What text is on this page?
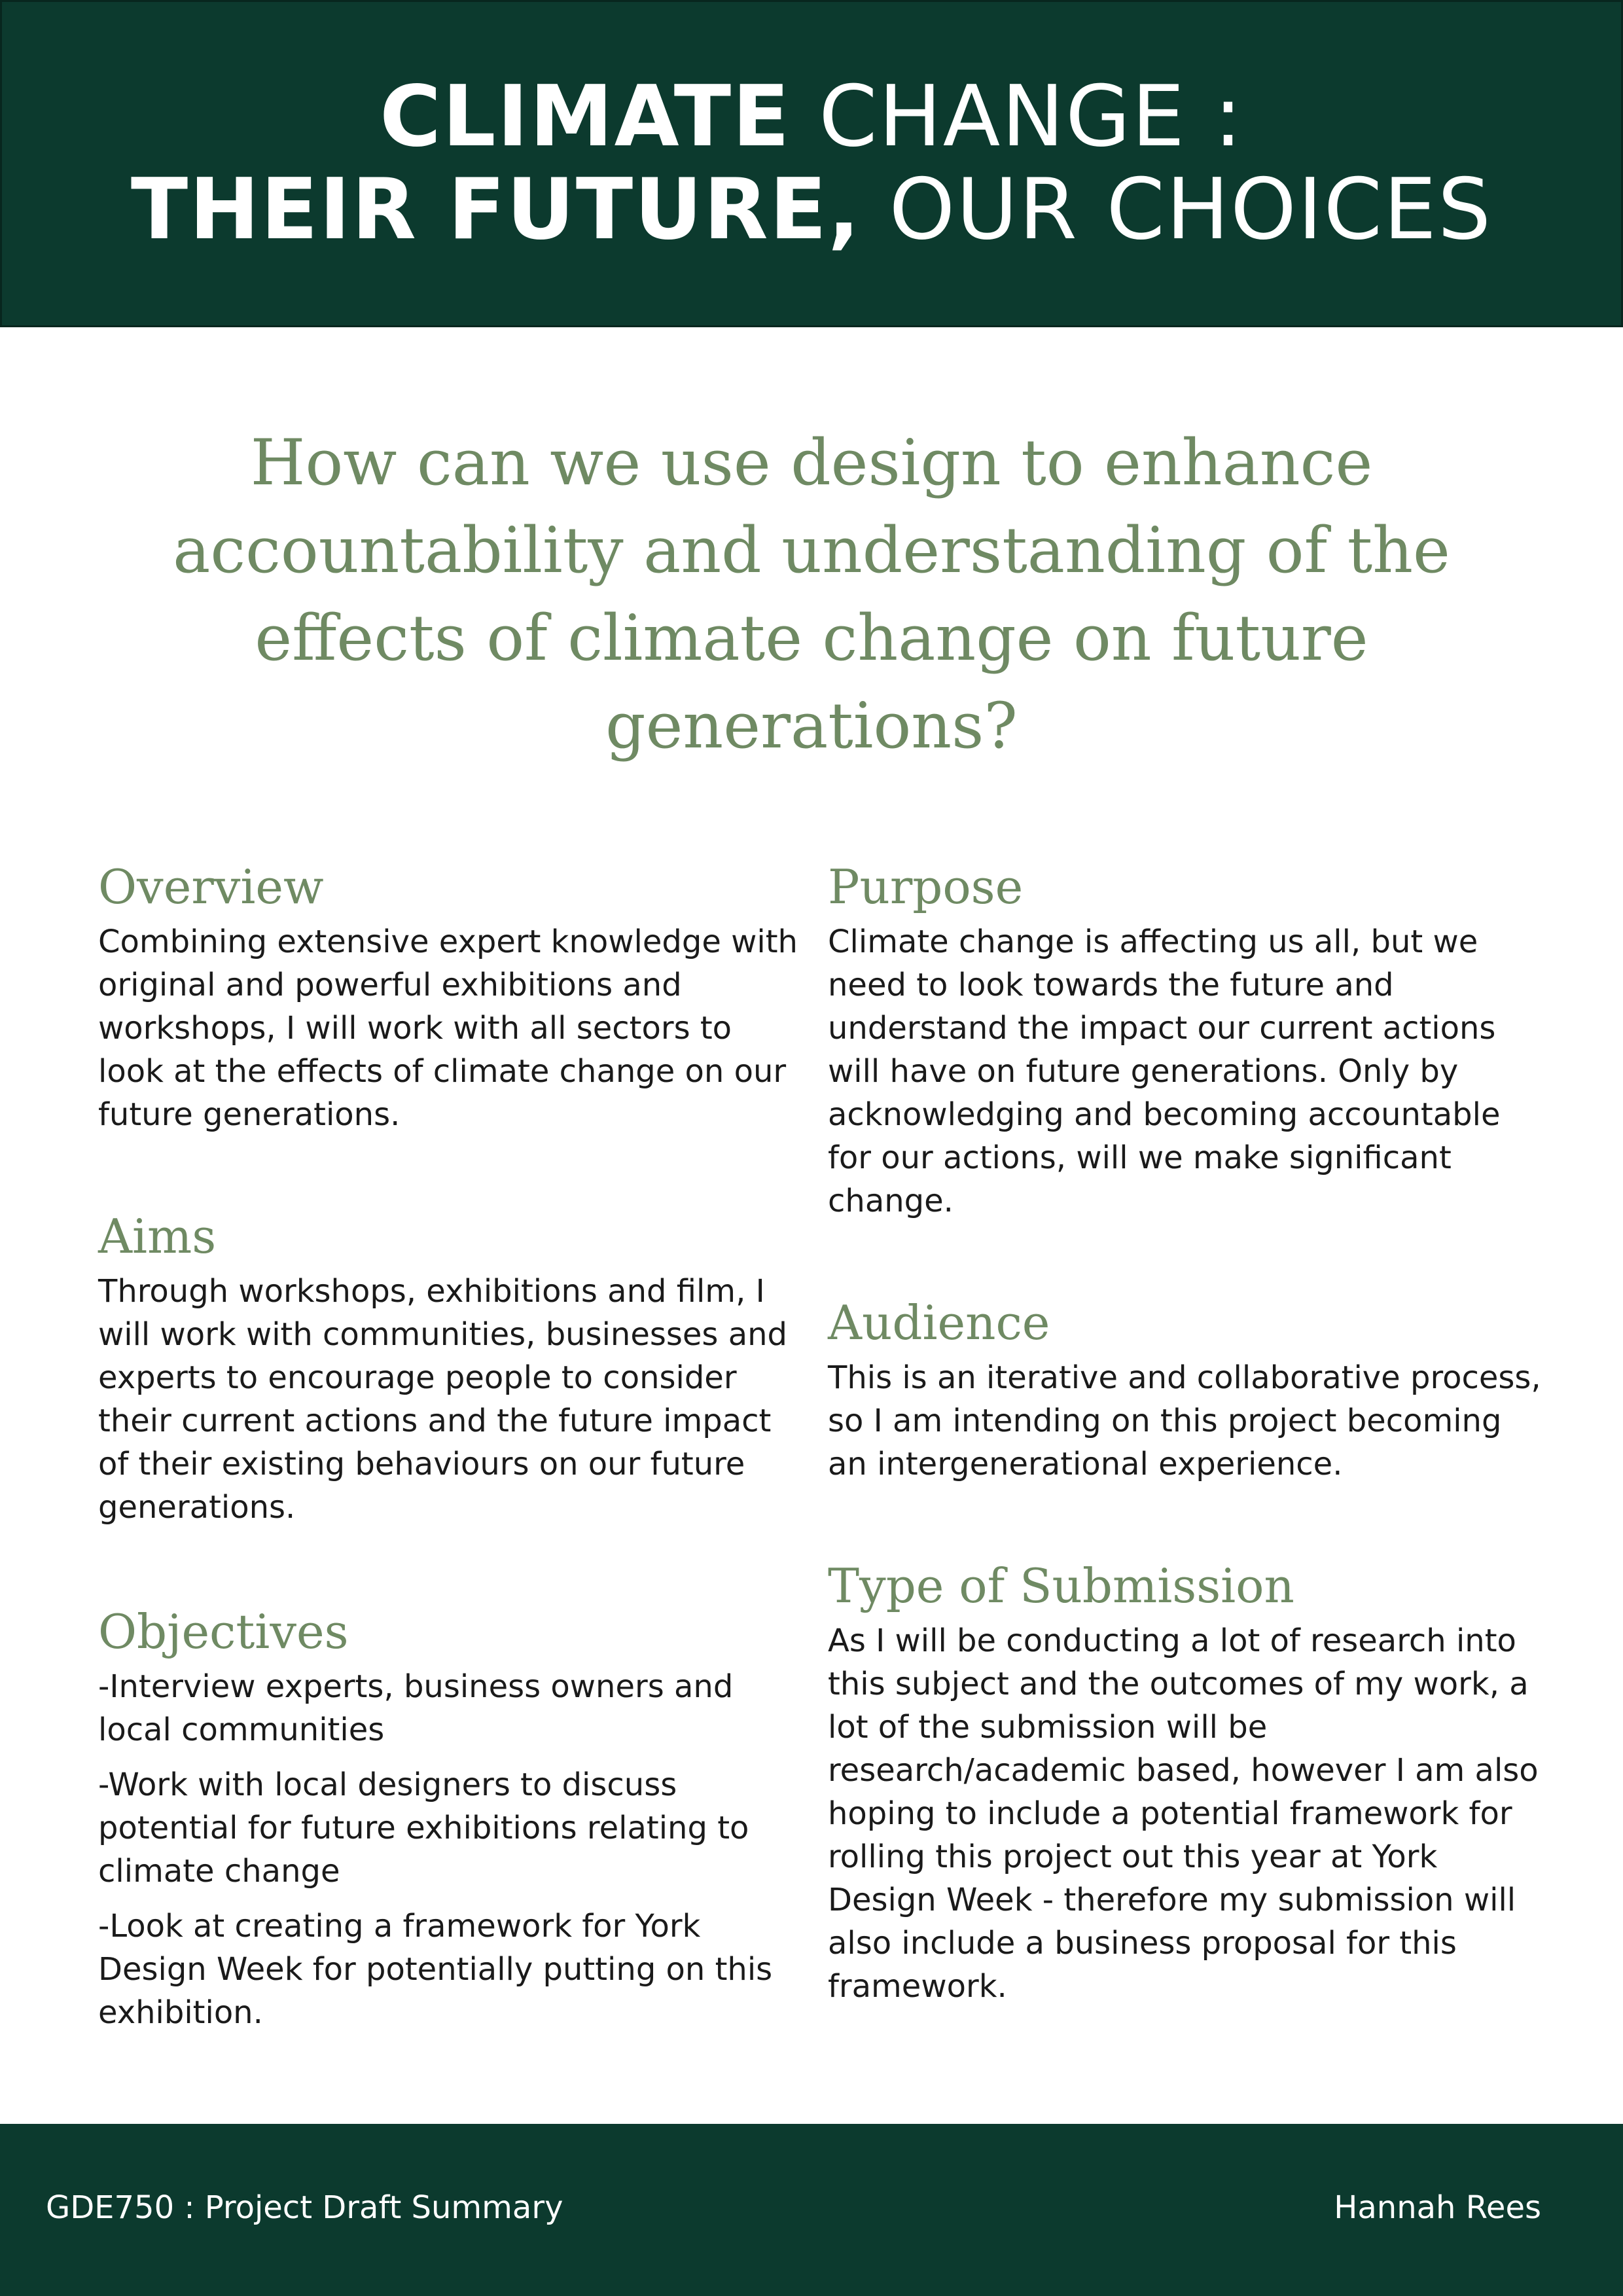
CLIMATE CHANGE :
THEIR FUTURE, OUR CHOICES

How can we use design to enhance accountability and understanding of the effects of climate change on future generations?

Overview

Combining extensive expert knowledge with original and powerful exhibitions and workshops, I will work with all sectors to look at the effects of climate change on our future generations.

Aims

Through workshops, exhibitions and film, I will work with communities, businesses and experts to encourage people to consider their current actions and the future impact of their existing behaviours on our future generations.

Objectives

-Interview experts, business owners and local communities

-Work with local designers to discuss potential for future exhibitions relating to climate change

-Look at creating a framework for York Design Week for potentially putting on this exhibition.

Purpose

Climate change is affecting us all, but we need to look towards the future and understand the impact our current actions will have on future generations. Only by acknowledging and becoming accountable for our actions, will we make significant change.

Audience

This is an iterative and collaborative process, so I am intending on this project becoming an intergenerational experience.

Type of Submission

As I will be conducting a lot of research into this subject and the outcomes of my work, a lot of the submission will be research/academic based, however I am also hoping to include a potential framework for rolling this project out this year at York Design Week - therefore my submission will also include a business proposal for this framework.

GDE750 : Project Draft Summary	Hannah Rees
